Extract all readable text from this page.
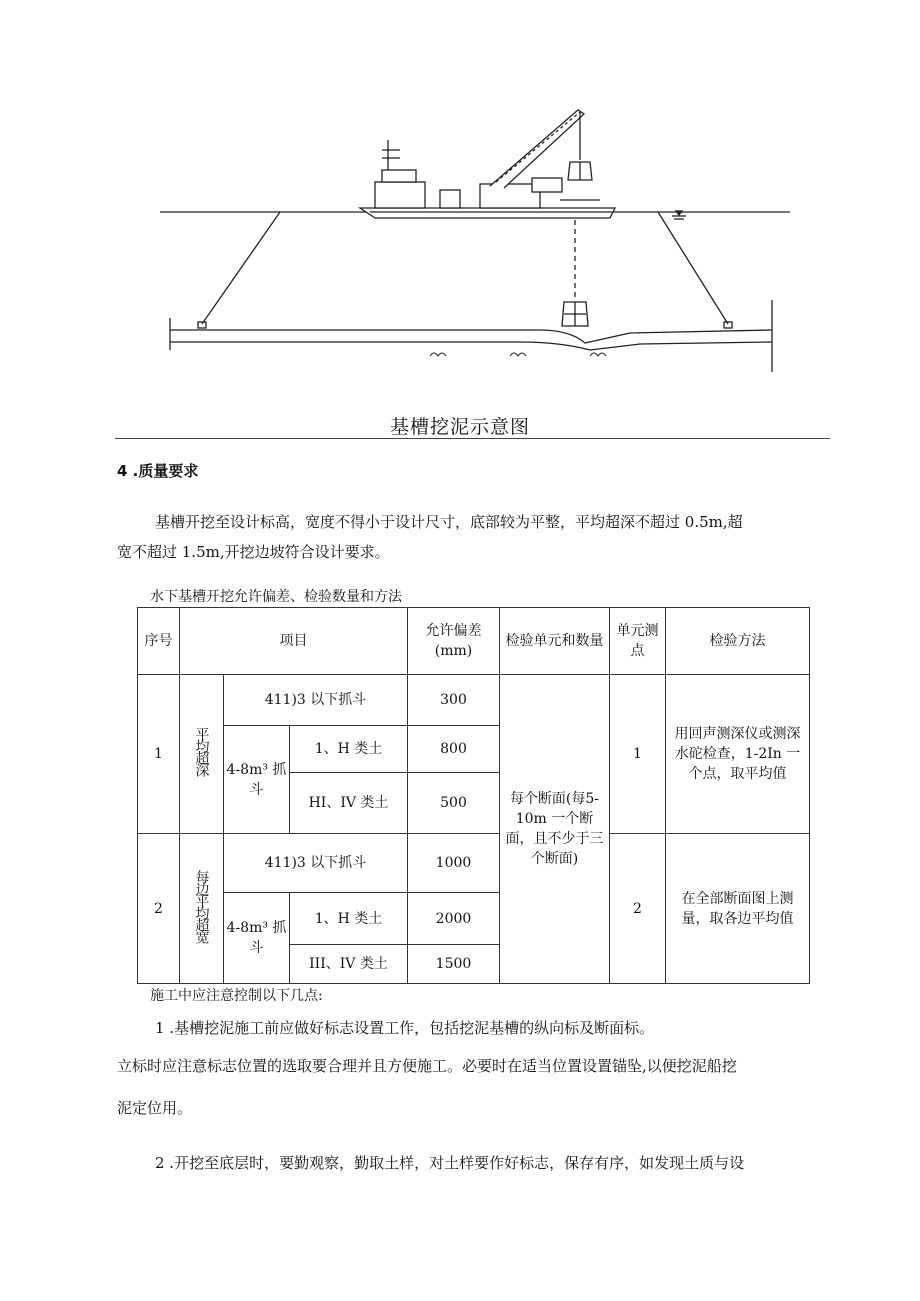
基槽挖泥示意图
4 .质量要求
基槽开挖至设计标高，宽度不得小于设计尺寸，底部较为平整，平均超深不超过 0.5m,超
宽不超过 1.5m,开挖边坡符合设计要求。
水下基槽开挖允许偏差、检验数量和方法
序号	项目			允许偏差(mm)	检验单元和数量	单元测点	检验方法
1	平均超深	411)3 以下抓斗		300	每个断面(每5-10m 一个断面，且不少于三个断面)	1	用回声测深仪或测深水砣检查，1-2In 一个点，取平均值
		4-8m³ 抓斗	1、H 类土	800			
			HI、IV 类土	500			
2	每边平均超宽	411)3 以下抓斗		1000		2	在全部断面图上测量，取各边平均值
		4-8m³ 抓斗	1、H 类土	2000			
			III、IV 类土	1500			
施工中应注意控制以下几点:
1 .基槽挖泥施工前应做好标志设置工作，包括挖泥基槽的纵向标及断面标。
立标时应注意标志位置的选取要合理并且方便施工。必要时在适当位置设置锚坠,以便挖泥船挖
泥定位用。
2 .开挖至底层时，要勤观察，勤取土样，对土样要作好标志，保存有序，如发现土质与设
